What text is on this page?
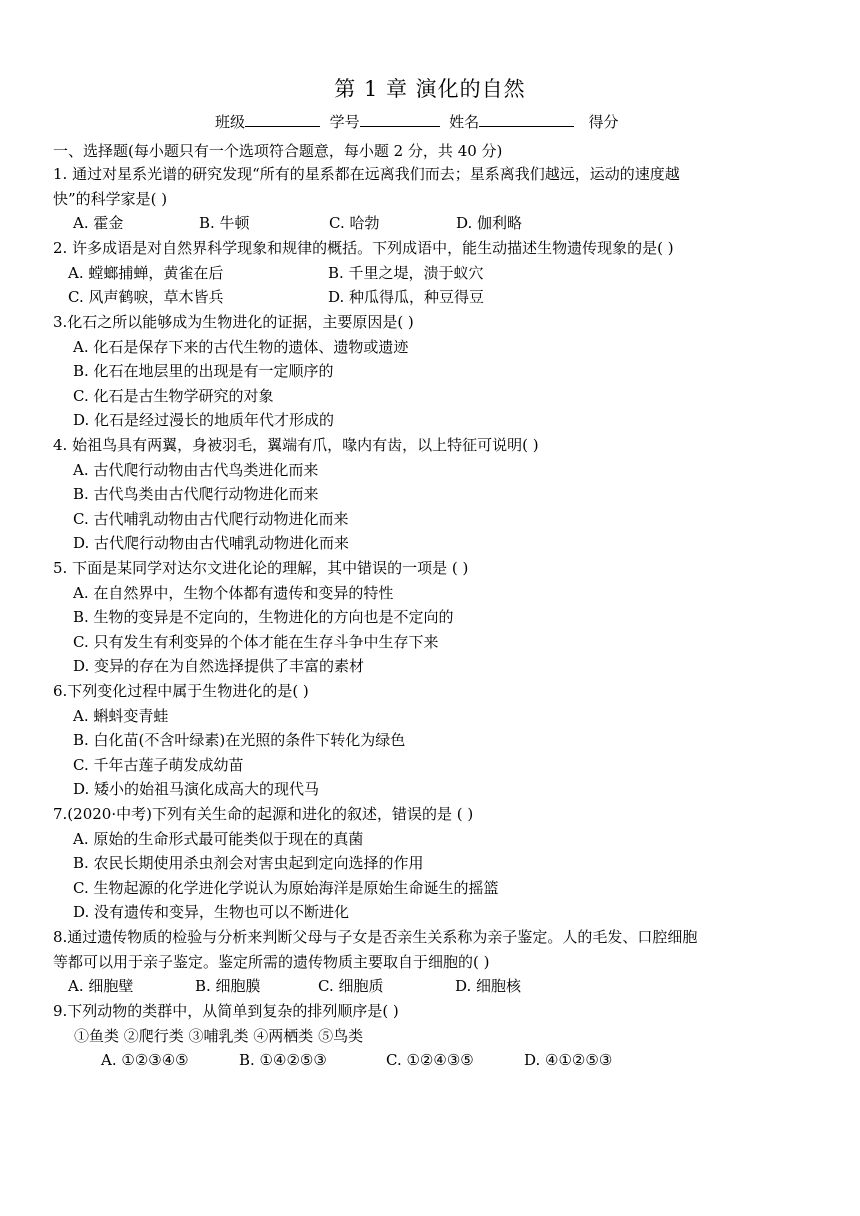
第 1 章 演化的自然
班级	学号	姓名	得分
一、选择题(每小题只有一个选项符合题意，每小题 2 分，共 40 分)
1. 通过对星系光谱的研究发现“所有的星系都在远离我们而去；星系离我们越远，运动的速度越
快”的科学家是( )
A. 霍金	B. 牛顿	C. 哈勃	D. 伽利略
2. 许多成语是对自然界科学现象和规律的概括。下列成语中，能生动描述生物遗传现象的是( )
A. 螳螂捕蝉，黄雀在后	B. 千里之堤，溃于蚁穴
C. 风声鹤唳，草木皆兵	D. 种瓜得瓜，种豆得豆
3.化石之所以能够成为生物进化的证据，主要原因是( )
A. 化石是保存下来的古代生物的遗体、遗物或遗迹
B. 化石在地层里的出现是有一定顺序的
C. 化石是古生物学研究的对象
D. 化石是经过漫长的地质年代才形成的
4. 始祖鸟具有两翼，身被羽毛，翼端有爪，喙内有齿，以上特征可说明( )
A. 古代爬行动物由古代鸟类进化而来
B. 古代鸟类由古代爬行动物进化而来
C. 古代哺乳动物由古代爬行动物进化而来
D. 古代爬行动物由古代哺乳动物进化而来
5. 下面是某同学对达尔文进化论的理解，其中错误的一项是 ( )
A. 在自然界中，生物个体都有遗传和变异的特性
B. 生物的变异是不定向的，生物进化的方向也是不定向的
C. 只有发生有利变异的个体才能在生存斗争中生存下来
D. 变异的存在为自然选择提供了丰富的素材
6.下列变化过程中属于生物进化的是( )
A. 蝌蚪变青蛙
B. 白化苗(不含叶绿素)在光照的条件下转化为绿色
C. 千年古莲子萌发成幼苗
D. 矮小的始祖马演化成高大的现代马
7.(2020·中考)下列有关生命的起源和进化的叙述，错误的是 ( )
A. 原始的生命形式最可能类似于现在的真菌
B. 农民长期使用杀虫剂会对害虫起到定向选择的作用
C. 生物起源的化学进化学说认为原始海洋是原始生命诞生的摇篮
D. 没有遗传和变异，生物也可以不断进化
8.通过遗传物质的检验与分析来判断父母与子女是否亲生关系称为亲子鉴定。人的毛发、口腔细胞
等都可以用于亲子鉴定。鉴定所需的遗传物质主要取自于细胞的( )
A. 细胞壁	B. 细胞膜	C. 细胞质	D. 细胞核
9.下列动物的类群中，从简单到复杂的排列顺序是( )
①鱼类 ②爬行类 ③哺乳类 ④两栖类 ⑤鸟类
A. ①②③④⑤	B. ①④②⑤③	C. ①②④③⑤	D. ④①②⑤③
